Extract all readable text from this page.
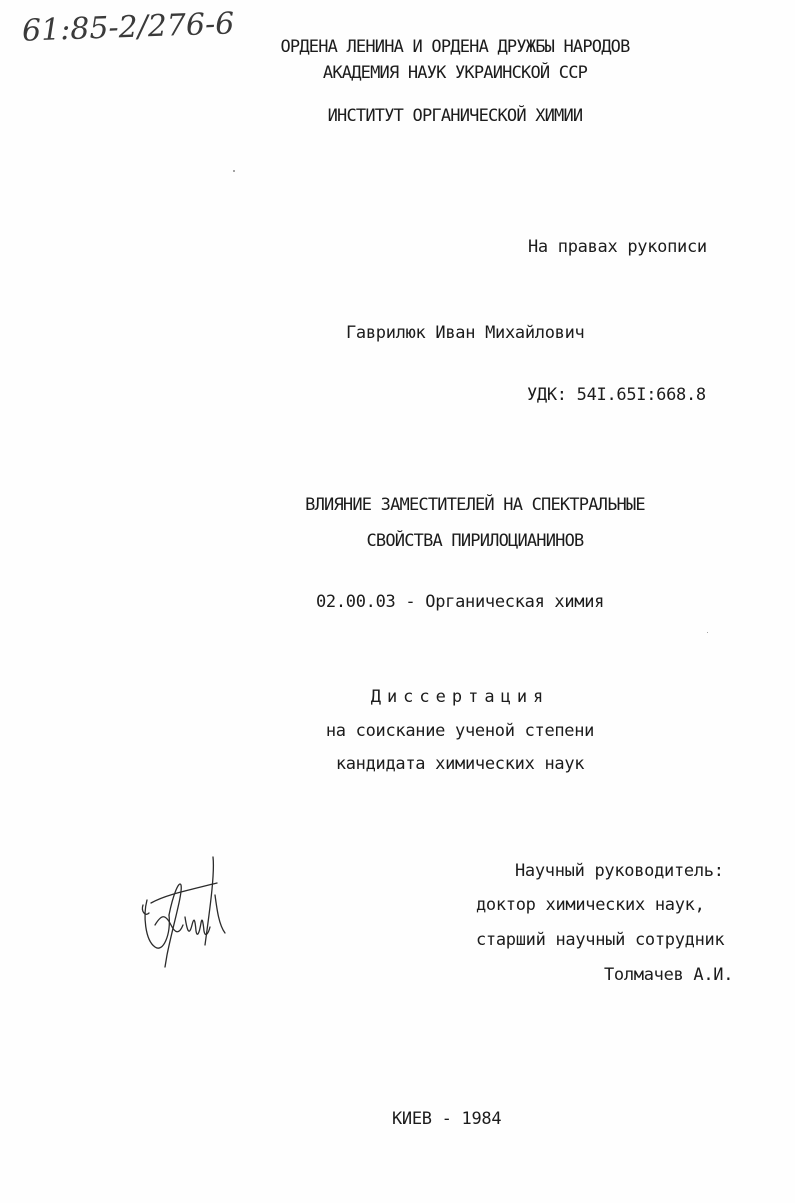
61:85-2/276-6	ОРДЕНА ЛЕНИНА И ОРДЕНА ДРУЖБЫ НАРОДОВ
АКАДЕМИЯ НАУК УКРАИНСКОЙ ССР
ИНСТИТУТ ОРГАНИЧЕСКОЙ ХИМИИ
На правах рукописи
Гаврилюк Иван Михайлович
УДК: 54I.65I:668.8
ВЛИЯНИЕ ЗАМЕСТИТЕЛЕЙ НА СПЕКТРАЛЬНЫЕ
СВОЙСТВА ПИРИЛОЦИАНИНОВ
02.00.03 - Органическая химия
Диссертация
на соискание ученой степени
кандидата химических наук
Научный руководитель:
доктор химических наук,
старший научный сотрудник
Толмачев А.И.
КИЕВ - 1984
